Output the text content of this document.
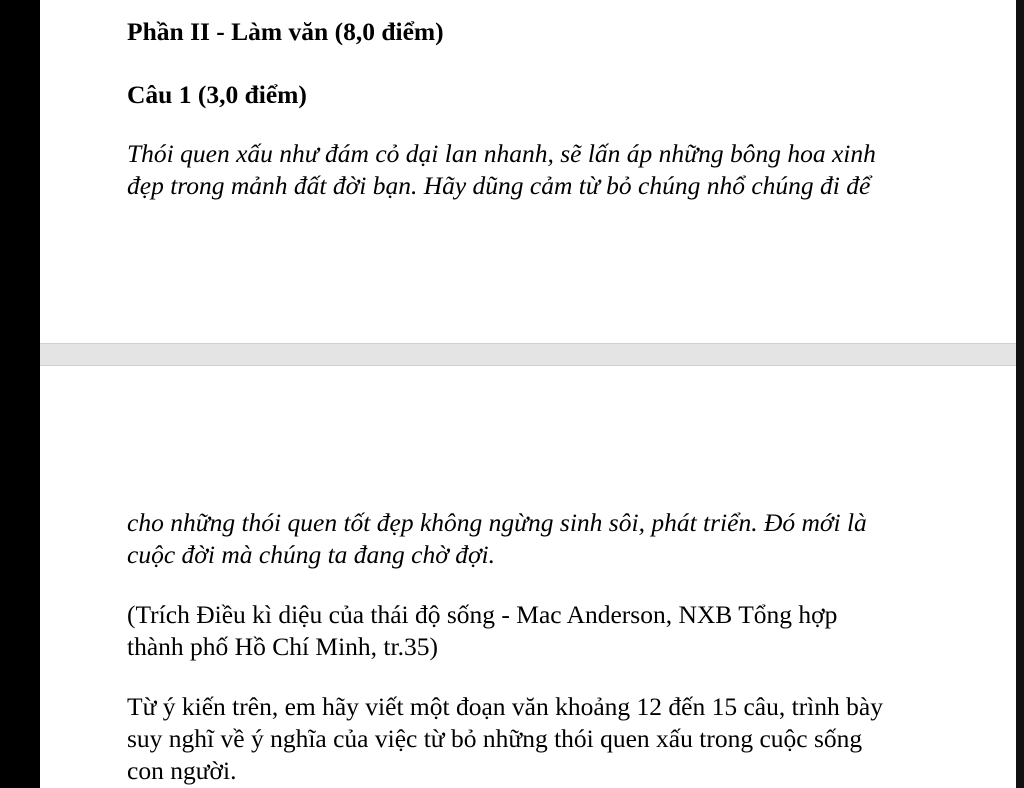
Phần II - Làm văn (8,0 điểm)

Câu 1 (3,0 điểm)

Thói quen xấu như đám cỏ dại lan nhanh, sẽ lấn áp những bông hoa xinh
đẹp trong mảnh đất đời bạn. Hãy dũng cảm từ bỏ chúng nhổ chúng đi để

cho những thói quen tốt đẹp không ngừng sinh sôi, phát triển. Đó mới là
cuộc đời mà chúng ta đang chờ đợi.

(Trích Điều kì diệu của thái độ sống - Mac Anderson, NXB Tổng hợp
thành phố Hồ Chí Minh, tr.35)

Từ ý kiến trên, em hãy viết một đoạn văn khoảng 12 đến 15 câu, trình bày
suy nghĩ về ý nghĩa của việc từ bỏ những thói quen xấu trong cuộc sống
con người.
